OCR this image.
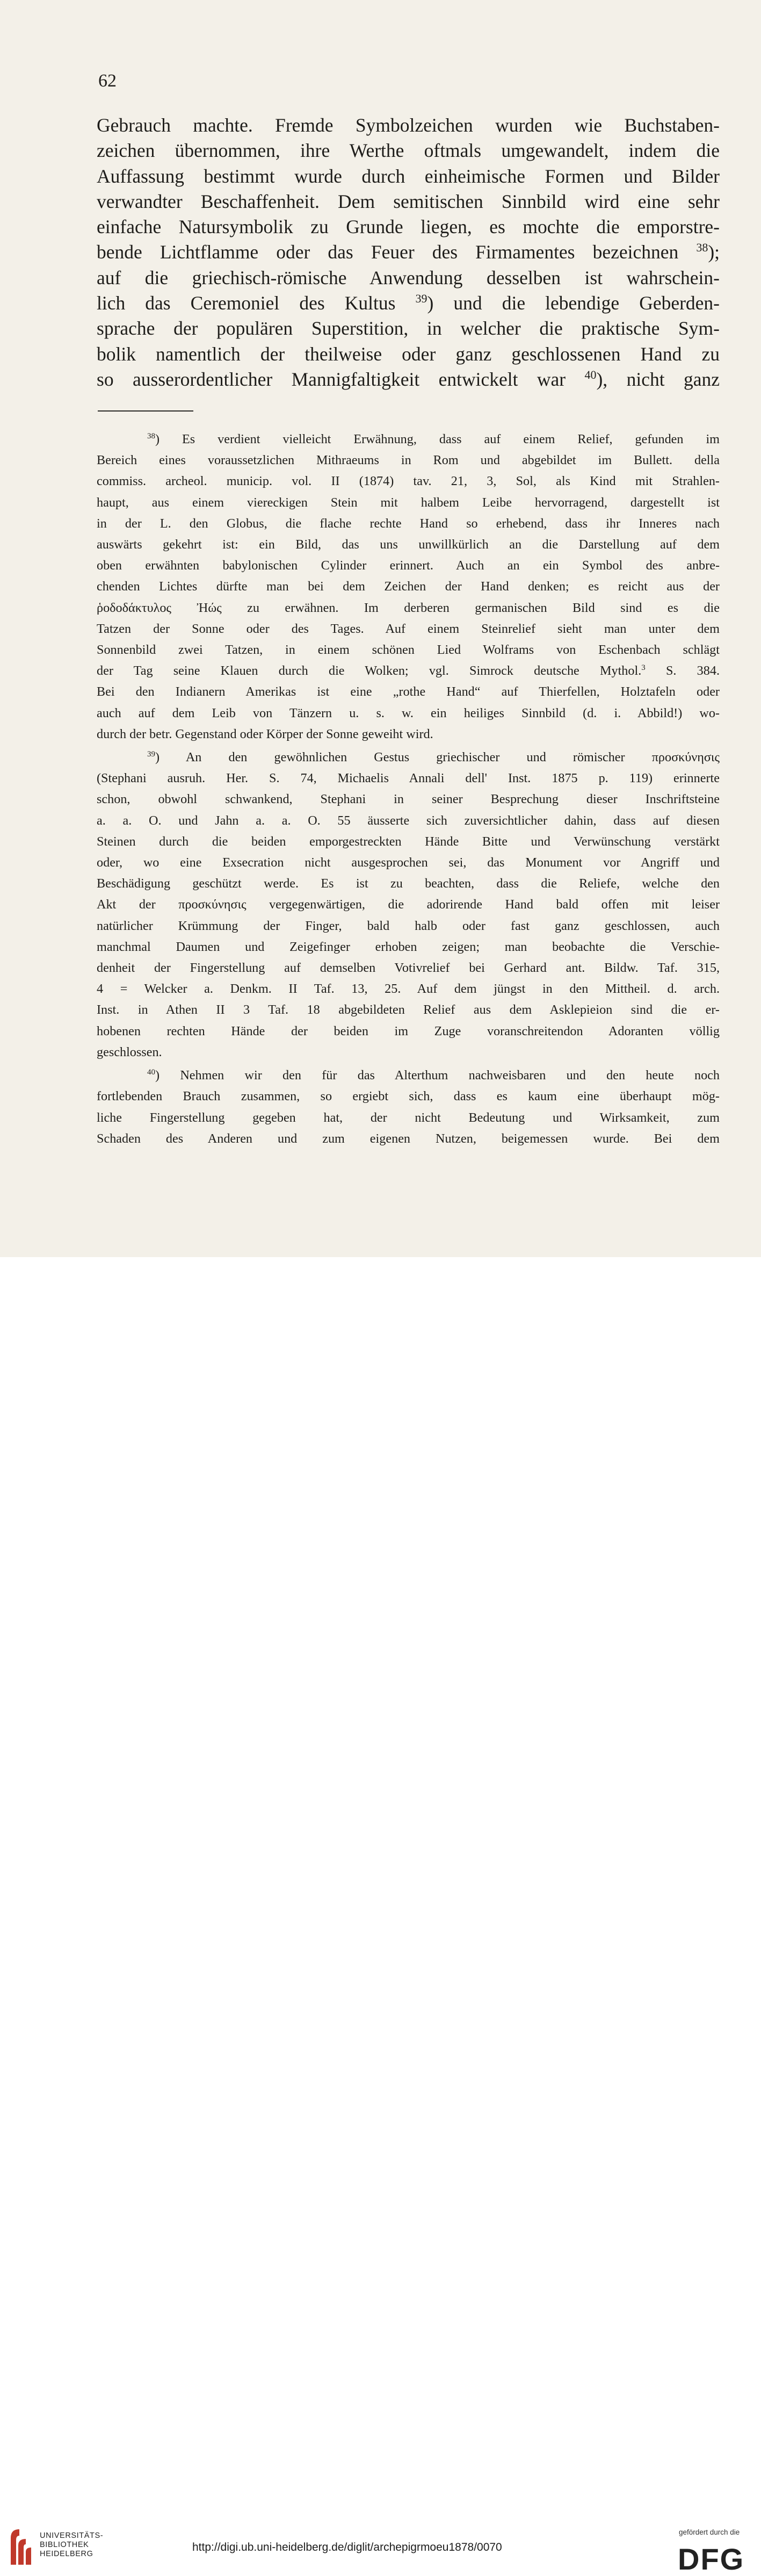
62
Gebrauch machte. Fremde Symbolzeichen wurden wie Buchstaben-
zeichen übernommen, ihre Werthe oftmals umgewandelt, indem die
Auffassung bestimmt wurde durch einheimische Formen und Bilder
verwandter Beschaffenheit. Dem semitischen Sinnbild wird eine sehr
einfache Natursymbolik zu Grunde liegen, es mochte die emporstre-
bende Lichtflamme oder das Feuer des Firmamentes bezeichnen $^{38}$);
auf die griechisch-römische Anwendung desselben ist wahrschein-
lich das Ceremoniel des Kultus $^{39}$) und die lebendige Geberden-
sprache der populären Superstition, in welcher die praktische Sym-
bolik namentlich der theilweise oder ganz geschlossenen Hand zu
so ausserordentlicher Mannigfaltigkeit entwickelt war $^{40}$), nicht ganz
$^{38}$) Es verdient vielleicht Erwähnung, dass auf einem Relief, gefunden im
Bereich eines voraussetzlichen Mithraeums in Rom und abgebildet im Bullett. della
commiss. archeol. municip. vol. II (1874) tav. 21, 3, Sol, als Kind mit Strahlen-
haupt, aus einem viereckigen Stein mit halbem Leibe hervorragend, dargestellt ist
in der L. den Globus, die flache rechte Hand so erhebend, dass ihr Inneres nach
auswärts gekehrt ist: ein Bild, das uns unwillkürlich an die Darstellung auf dem
oben erwähnten babylonischen Cylinder erinnert. Auch an ein Symbol des anbre-
chenden Lichtes dürfte man bei dem Zeichen der Hand denken; es reicht aus der
ῥοδοδάκτυλος Ἠώς zu erwähnen. Im derberen germanischen Bild sind es die
Tatzen der Sonne oder des Tages. Auf einem Steinrelief sieht man unter dem
Sonnenbild zwei Tatzen, in einem schönen Lied Wolframs von Eschenbach schlägt
der Tag seine Klauen durch die Wolken; vgl. Simrock deutsche Mythol.$^3$ S. 384.
Bei den Indianern Amerikas ist eine „rothe Hand“ auf Thierfellen, Holztafeln oder
auch auf dem Leib von Tänzern u. s. w. ein heiliges Sinnbild (d. i. Abbild!) wo-
durch der betr. Gegenstand oder Körper der Sonne geweiht wird.
$^{39}$) An den gewöhnlichen Gestus griechischer und römischer προσκύνησις
(Stephani ausruh. Her. S. 74, Michaelis Annali dell' Inst. 1875 p. 119) erinnerte
schon, obwohl schwankend, Stephani in seiner Besprechung dieser Inschriftsteine
a. a. O. und Jahn a. a. O. 55 äusserte sich zuversichtlicher dahin, dass auf diesen
Steinen durch die beiden emporgestreckten Hände Bitte und Verwünschung verstärkt
oder, wo eine Exsecration nicht ausgesprochen sei, das Monument vor Angriff und
Beschädigung geschützt werde. Es ist zu beachten, dass die Reliefe, welche den
Akt der προσκύνησις vergegenwärtigen, die adorirende Hand bald offen mit leiser
natürlicher Krümmung der Finger, bald halb oder fast ganz geschlossen, auch
manchmal Daumen und Zeigefinger erhoben zeigen; man beobachte die Verschie-
denheit der Fingerstellung auf demselben Votivrelief bei Gerhard ant. Bildw. Taf. 315,
4 = Welcker a. Denkm. II Taf. 13, 25. Auf dem jüngst in den Mittheil. d. arch.
Inst. in Athen II 3 Taf. 18 abgebildeten Relief aus dem Asklepieion sind die er-
hobenen rechten Hände der beiden im Zuge voranschreitendon Adoranten völlig
geschlossen.
$^{40}$) Nehmen wir den für das Alterthum nachweisbaren und den heute noch
fortlebenden Brauch zusammen, so ergiebt sich, dass es kaum eine überhaupt mög-
liche Fingerstellung gegeben hat, der nicht Bedeutung und Wirksamkeit, zum
Schaden des Anderen und zum eigenen Nutzen, beigemessen wurde. Bei dem
UNIVERSITÄTS-
BIBLIOTHEK
HEIDELBERG
http://digi.ub.uni-heidelberg.de/diglit/archepigrmoeu1878/0070
gefördert durch die
DFG
